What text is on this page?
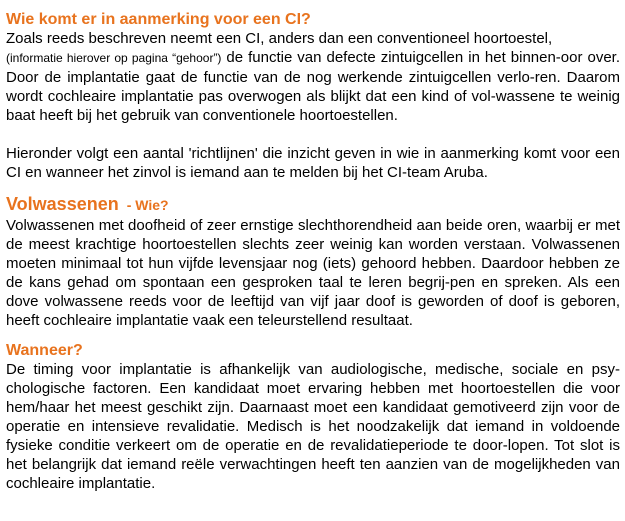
Wie komt er in aanmerking voor een CI?

Zoals reeds beschreven neemt een CI, anders dan een conventioneel hoortoestel,
(informatie hierover op pagina “gehoor”) de functie van defecte zintuigcellen in het binnen-oor over. Door de implantatie gaat de functie van de nog werkende zintuigcellen verlo-ren. Daarom wordt cochleaire implantatie pas overwogen als blijkt dat een kind of vol-wassene te weinig baat heeft bij het gebruik van conventionele hoortoestellen.

Hieronder volgt een aantal 'richtlijnen' die inzicht geven in wie in aanmerking komt voor een CI en wanneer het zinvol is iemand aan te melden bij het CI-team Aruba.

Volwassenen - Wie?

Volwassenen met doofheid of zeer ernstige slechthorendheid aan beide oren, waarbij er met de meest krachtige hoortoestellen slechts zeer weinig kan worden verstaan. Volwassenen moeten minimaal tot hun vijfde levensjaar nog (iets) gehoord hebben. Daardoor hebben ze de kans gehad om spontaan een gesproken taal te leren begrij-pen en spreken. Als een dove volwassene reeds voor de leeftijd van vijf jaar doof is geworden of doof is geboren, heeft cochleaire implantatie vaak een teleurstellend resultaat.

Wanneer?

De timing voor implantatie is afhankelijk van audiologische, medische, sociale en psy-chologische factoren. Een kandidaat moet ervaring hebben met hoortoestellen die voor hem/haar het meest geschikt zijn. Daarnaast moet een kandidaat gemotiveerd zijn voor de operatie en intensieve revalidatie. Medisch is het noodzakelijk dat iemand in voldoende fysieke conditie verkeert om de operatie en de revalidatieperiode te door-lopen. Tot slot is het belangrijk dat iemand reële verwachtingen heeft ten aanzien van de mogelijkheden van cochleaire implantatie.
